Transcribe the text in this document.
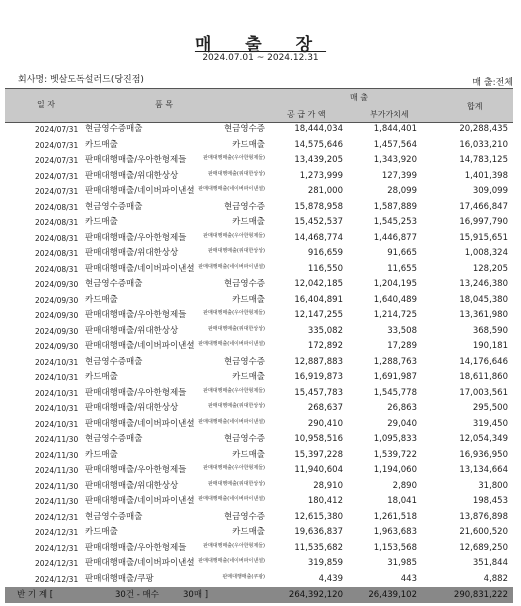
매 출 장
2024.07.01 ~ 2024.12.31
회사명: 벳살도독설러드(당진점)	매 출:전체
일 자	품 목
매 출
공 급 가 액	부가가치세
합계
2024/07/31 현금영수증매출	현금영수증	18,444,034	1,844,401	20,288,435
2024/07/31 카드매출	카드매출	14,575,646	1,457,564	16,033,210
2024/07/31 판매대행매출/우아한형제들	판매대행매출(우아한형제들)	13,439,205	1,343,920	14,783,125
2024/07/31 판매대행매출/위대한상상	판매대행매출(위대한상상)	1,273,999	127,399	1,401,398
2024/07/31 판매대행매출/네이버파이낸셜 판매대행매출(네이버파이낸셜)	281,000	28,099	309,099
2024/08/31 현금영수증매출	현금영수증	15,878,958	1,587,889	17,466,847
2024/08/31 카드매출	카드매출	15,452,537	1,545,253	16,997,790
2024/08/31 판매대행매출/우아한형제들	판매대행매출(우아한형제들)	14,468,774	1,446,877	15,915,651
2024/08/31 판매대행매출/위대한상상	판매대행매출(위대한상상)	916,659	91,665	1,008,324
2024/08/31 판매대행매출/네이버파이낸셜 판매대행매출(네이버파이낸셜)	116,550	11,655	128,205
2024/09/30 현금영수증매출	현금영수증	12,042,185	1,204,195	13,246,380
2024/09/30 카드매출	카드매출	16,404,891	1,640,489	18,045,380
2024/09/30 판매대행매출/우아한형제들	판매대행매출(우아한형제들)	12,147,255	1,214,725	13,361,980
2024/09/30 판매대행매출/위대한상상	판매대행매출(위대한상상)	335,082	33,508	368,590
2024/09/30 판매대행매출/네이버파이낸셜 판매대행매출(네이버파이낸셜)	172,892	17,289	190,181
2024/10/31 현금영수증매출	현금영수증	12,887,883	1,288,763	14,176,646
2024/10/31 카드매출	카드매출	16,919,873	1,691,987	18,611,860
2024/10/31 판매대행매출/우아한형제들	판매대행매출(우아한형제들)	15,457,783	1,545,778	17,003,561
2024/10/31 판매대행매출/위대한상상	판매대행매출(위대한상상)	268,637	26,863	295,500
2024/10/31 판매대행매출/네이버파이낸셜 판매대행매출(네이버파이낸셜)	290,410	29,040	319,450
2024/11/30 현금영수증매출	현금영수증	10,958,516	1,095,833	12,054,349
2024/11/30 카드매출	카드매출	15,397,228	1,539,722	16,936,950
2024/11/30 판매대행매출/우아한형제들	판매대행매출(우아한형제들)	11,940,604	1,194,060	13,134,664
2024/11/30 판매대행매출/위대한상상	판매대행매출(위대한상상)	28,910	2,890	31,800
2024/11/30 판매대행매출/네이버파이낸셜 판매대행매출(네이버파이낸셜)	180,412	18,041	198,453
2024/12/31 현금영수증매출	현금영수증	12,615,380	1,261,518	13,876,898
2024/12/31 카드매출	카드매출	19,636,837	1,963,683	21,600,520
2024/12/31 판매대행매출/우아한형제들	판매대행매출(우아한형제들)	11,535,682	1,153,568	12,689,250
2024/12/31 판매대행매출/네이버파이낸셜 판매대행매출(네이버파이낸셜)	319,859	31,985	351,844
2024/12/31 판매대행매출/쿠팡	판매대행매출(쿠팡)	4,439	443	4,882
반 기 계 [	30건 - 매수	30매 ]	264,392,120	26,439,102	290,831,222
